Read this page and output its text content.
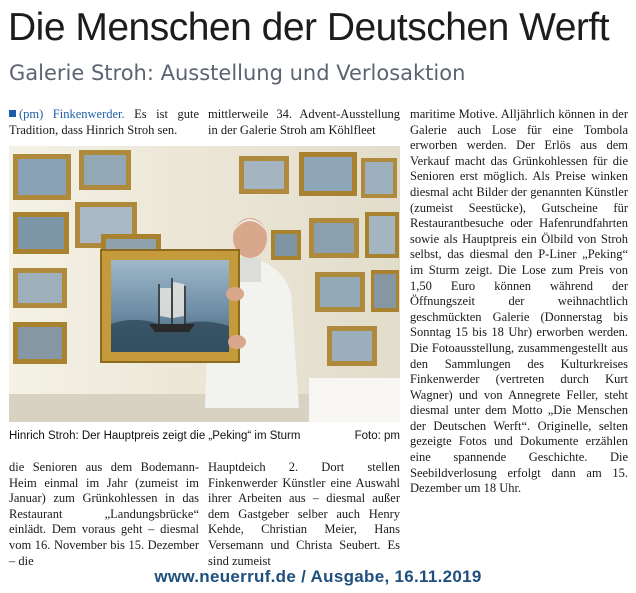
Die Menschen der Deutschen Werft
Galerie Stroh: Ausstellung und Verlosaktion

(pm) Finkenwerder. Es ist gute Tradition, dass Hinrich Stroh sen.

mittlerweile 34. Advent-Ausstellung in der Galerie Stroh am Köhlfleet

Hinrich Stroh: Der Hauptpreis zeigt die „Peking“ im Sturm	Foto: pm

die Senioren aus dem Bodemann-Heim einmal im Jahr (zumeist im Januar) zum Grünkohlessen in das Restaurant „Landungsbrücke“ einlädt. Dem voraus geht – diesmal vom 16. November bis 15. Dezember – die

Hauptdeich 2. Dort stellen Finkenwerder Künstler eine Auswahl ihrer Arbeiten aus – diesmal außer dem Gastgeber selber auch Henry Kehde, Christian Meier, Hans Versemann und Christa Seubert. Es sind zumeist

maritime Motive. Alljährlich können in der Galerie auch Lose für eine Tombola erworben werden. Der Erlös aus dem Verkauf macht das Grünkohlessen für die Senioren erst möglich. Als Preise winken diesmal acht Bilder der genannten Künstler (zumeist Seestücke), Gutscheine für Restaurantbesuche oder Hafenrundfahrten sowie als Hauptpreis ein Ölbild von Stroh selbst, das diesmal den P-Liner „Peking“ im Sturm zeigt. Die Lose zum Preis von 1,50 Euro können während der Öffnungszeit der weihnachtlich geschmückten Galerie (Donnerstag bis Sonntag 15 bis 18 Uhr) erworben werden. Die Fotoausstellung, zusammengestellt aus den Sammlungen des Kulturkreises Finkenwerder (vertreten durch Kurt Wagner) und von Annegrete Feller, steht diesmal unter dem Motto „Die Menschen der Deutschen Werft“. Originelle, selten gezeigte Fotos und Dokumente erzählen eine spannende Geschichte. Die Seebildverlosung erfolgt dann am 15. Dezember um 18 Uhr.

www.neuerruf.de / Ausgabe, 16.11.2019
